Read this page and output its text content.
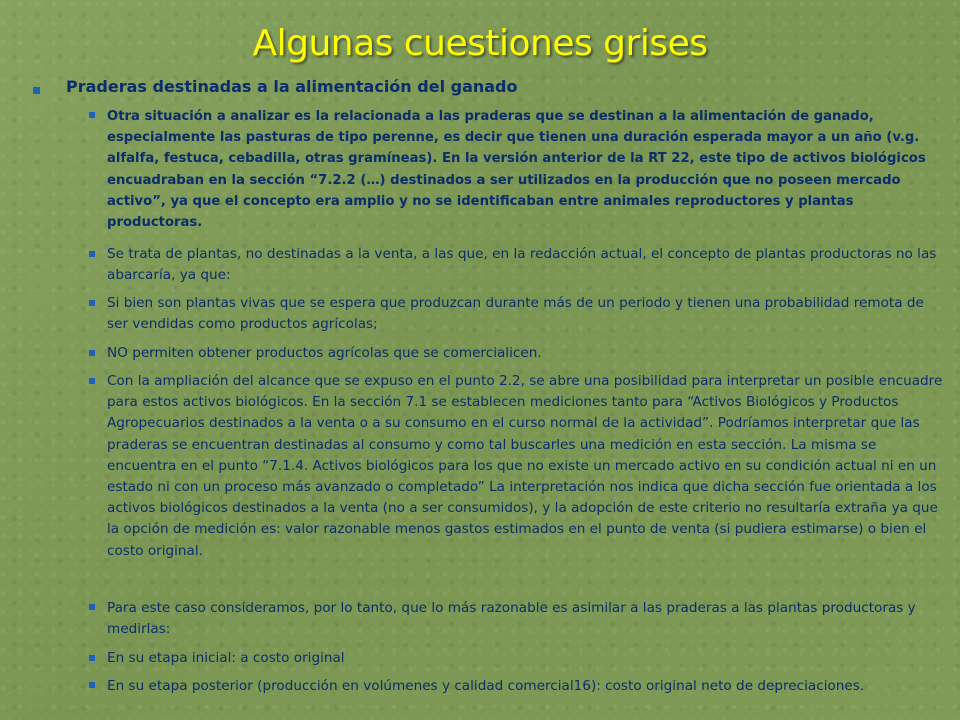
Algunas cuestiones grises
Praderas destinadas a la alimentación del ganado
Otra situación a analizar es la relacionada a las praderas que se destinan a la alimentación de ganado, especialmente las pasturas de tipo perenne, es decir que tienen una duración esperada mayor a un año (v.g. alfalfa, festuca, cebadilla, otras gramíneas). En la versión anterior de la RT 22, este tipo de activos biológicos encuadraban en la sección “7.2.2 (…) destinados a ser utilizados en la producción que no poseen mercado activo”, ya que el concepto era amplio y no se identificaban entre animales reproductores y plantas productoras.
Se trata de plantas, no destinadas a la venta, a las que, en la redacción actual, el concepto de plantas productoras no las abarcaría, ya que:
Si bien son plantas vivas que se espera que produzcan durante más de un periodo y tienen una probabilidad remota de ser vendidas como productos agrícolas;
NO permiten obtener productos agrícolas que se comercialicen.
Con la ampliación del alcance que se expuso en el punto 2.2, se abre una posibilidad para interpretar un posible encuadre para estos activos biológicos. En la sección 7.1 se establecen mediciones tanto para “Activos Biológicos y Productos Agropecuarios destinados a la venta o a su consumo en el curso normal de la actividad”. Podríamos interpretar que las praderas se encuentran destinadas al consumo y como tal buscarles una medición en esta sección. La misma se encuentra en el punto “7.1.4. Activos biológicos para los que no existe un mercado activo en su condición actual ni en un estado ni con un proceso más avanzado o completado” La interpretación nos indica que dicha sección fue orientada a los activos biológicos destinados a la venta (no a ser consumidos), y la adopción de este criterio no resultaría extraña ya que la opción de medición es: valor razonable menos gastos estimados en el punto de venta (si pudiera estimarse) o bien el costo original.
Para este caso consideramos, por lo tanto, que lo más razonable es asimilar a las praderas a las plantas productoras y medirlas:
En su etapa inicial: a costo original
En su etapa posterior (producción en volúmenes y calidad comercial16): costo original neto de depreciaciones.
